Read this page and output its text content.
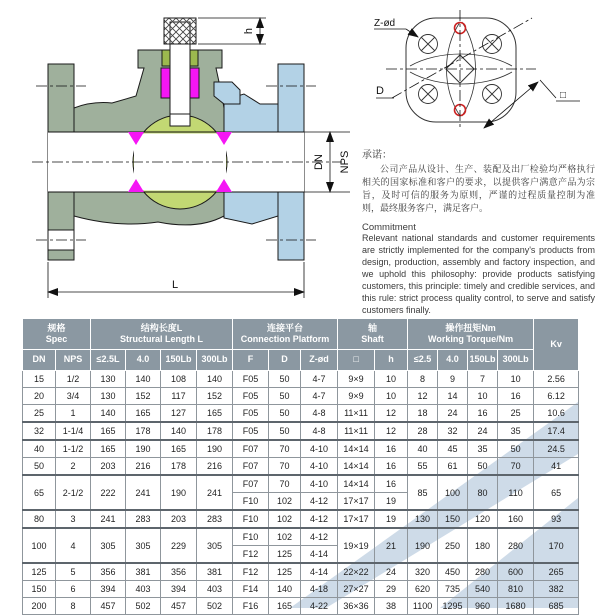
DN NPS
L
h
Z-ød
D	□
承诺：
公司产品从设计、生产、装配及出厂检验均严格执行相关的国家标准和客户的要求，以提供客户满意产品为宗旨，及时可信的服务为原则，严谨的过程质量控制为准则，最终服务客户，满足客户。
Commitment
Relevant national standards and customer requirements are strictly implemented for the company's products from design, production, assembly and factory inspection, and we uphold this philosophy: provide products satisfying customers, this principle: timely and credible services, and this rule: strict process quality control, to serve and satisfy customers finally.
规格
Spec		结构长度L
Structural Length L				连接平台
Connection Platform			轴
Shaft		操作扭矩Nm
Working Torque/Nm				Kv
DN	NPS	≤2.5L	4.0	150Lb	300Lb	F	D	Z-ød	□	h	≤2.5	4.0	150Lb	300Lb	
15	1/2	130	140	108	140	F05	50	4-7	9×9	10	8	9	7	10	2.56
20	3/4	130	152	117	152	F05	50	4-7	9×9	10	12	14	10	16	6.12
25	1	140	165	127	165	F05	50	4-8	11×11	12	18	24	16	25	10.6
32	1-1/4	165	178	140	178	F05	50	4-8	11×11	12	28	32	24	35	17.4
40	1-1/2	165	190	165	190	F07	70	4-10	14×14	16	40	45	35	50	24.5
50	2	203	216	178	216	F07	70	4-10	14×14	16	55	61	50	70	41
65	2-1/2	222	241	190	241	F07	70	4-10	14×14	16	85	100	80	110	65
						F10	102	4-12	17×17	19					
80	3	241	283	203	283	F10	102	4-12	17×17	19	130	150	120	160	93
100	4	305	305	229	305	F10	102	4-12	19×19	21	190	250	180	280	170
						F12	125	4-14							
125	5	356	381	356	381	F12	125	4-14	22×22	24	320	450	280	600	265
150	6	394	403	394	403	F14	140	4-18	27×27	29	620	735	540	810	382
200	8	457	502	457	502	F16	165	4-22	36×36	38	1100	1295	960	1680	685
